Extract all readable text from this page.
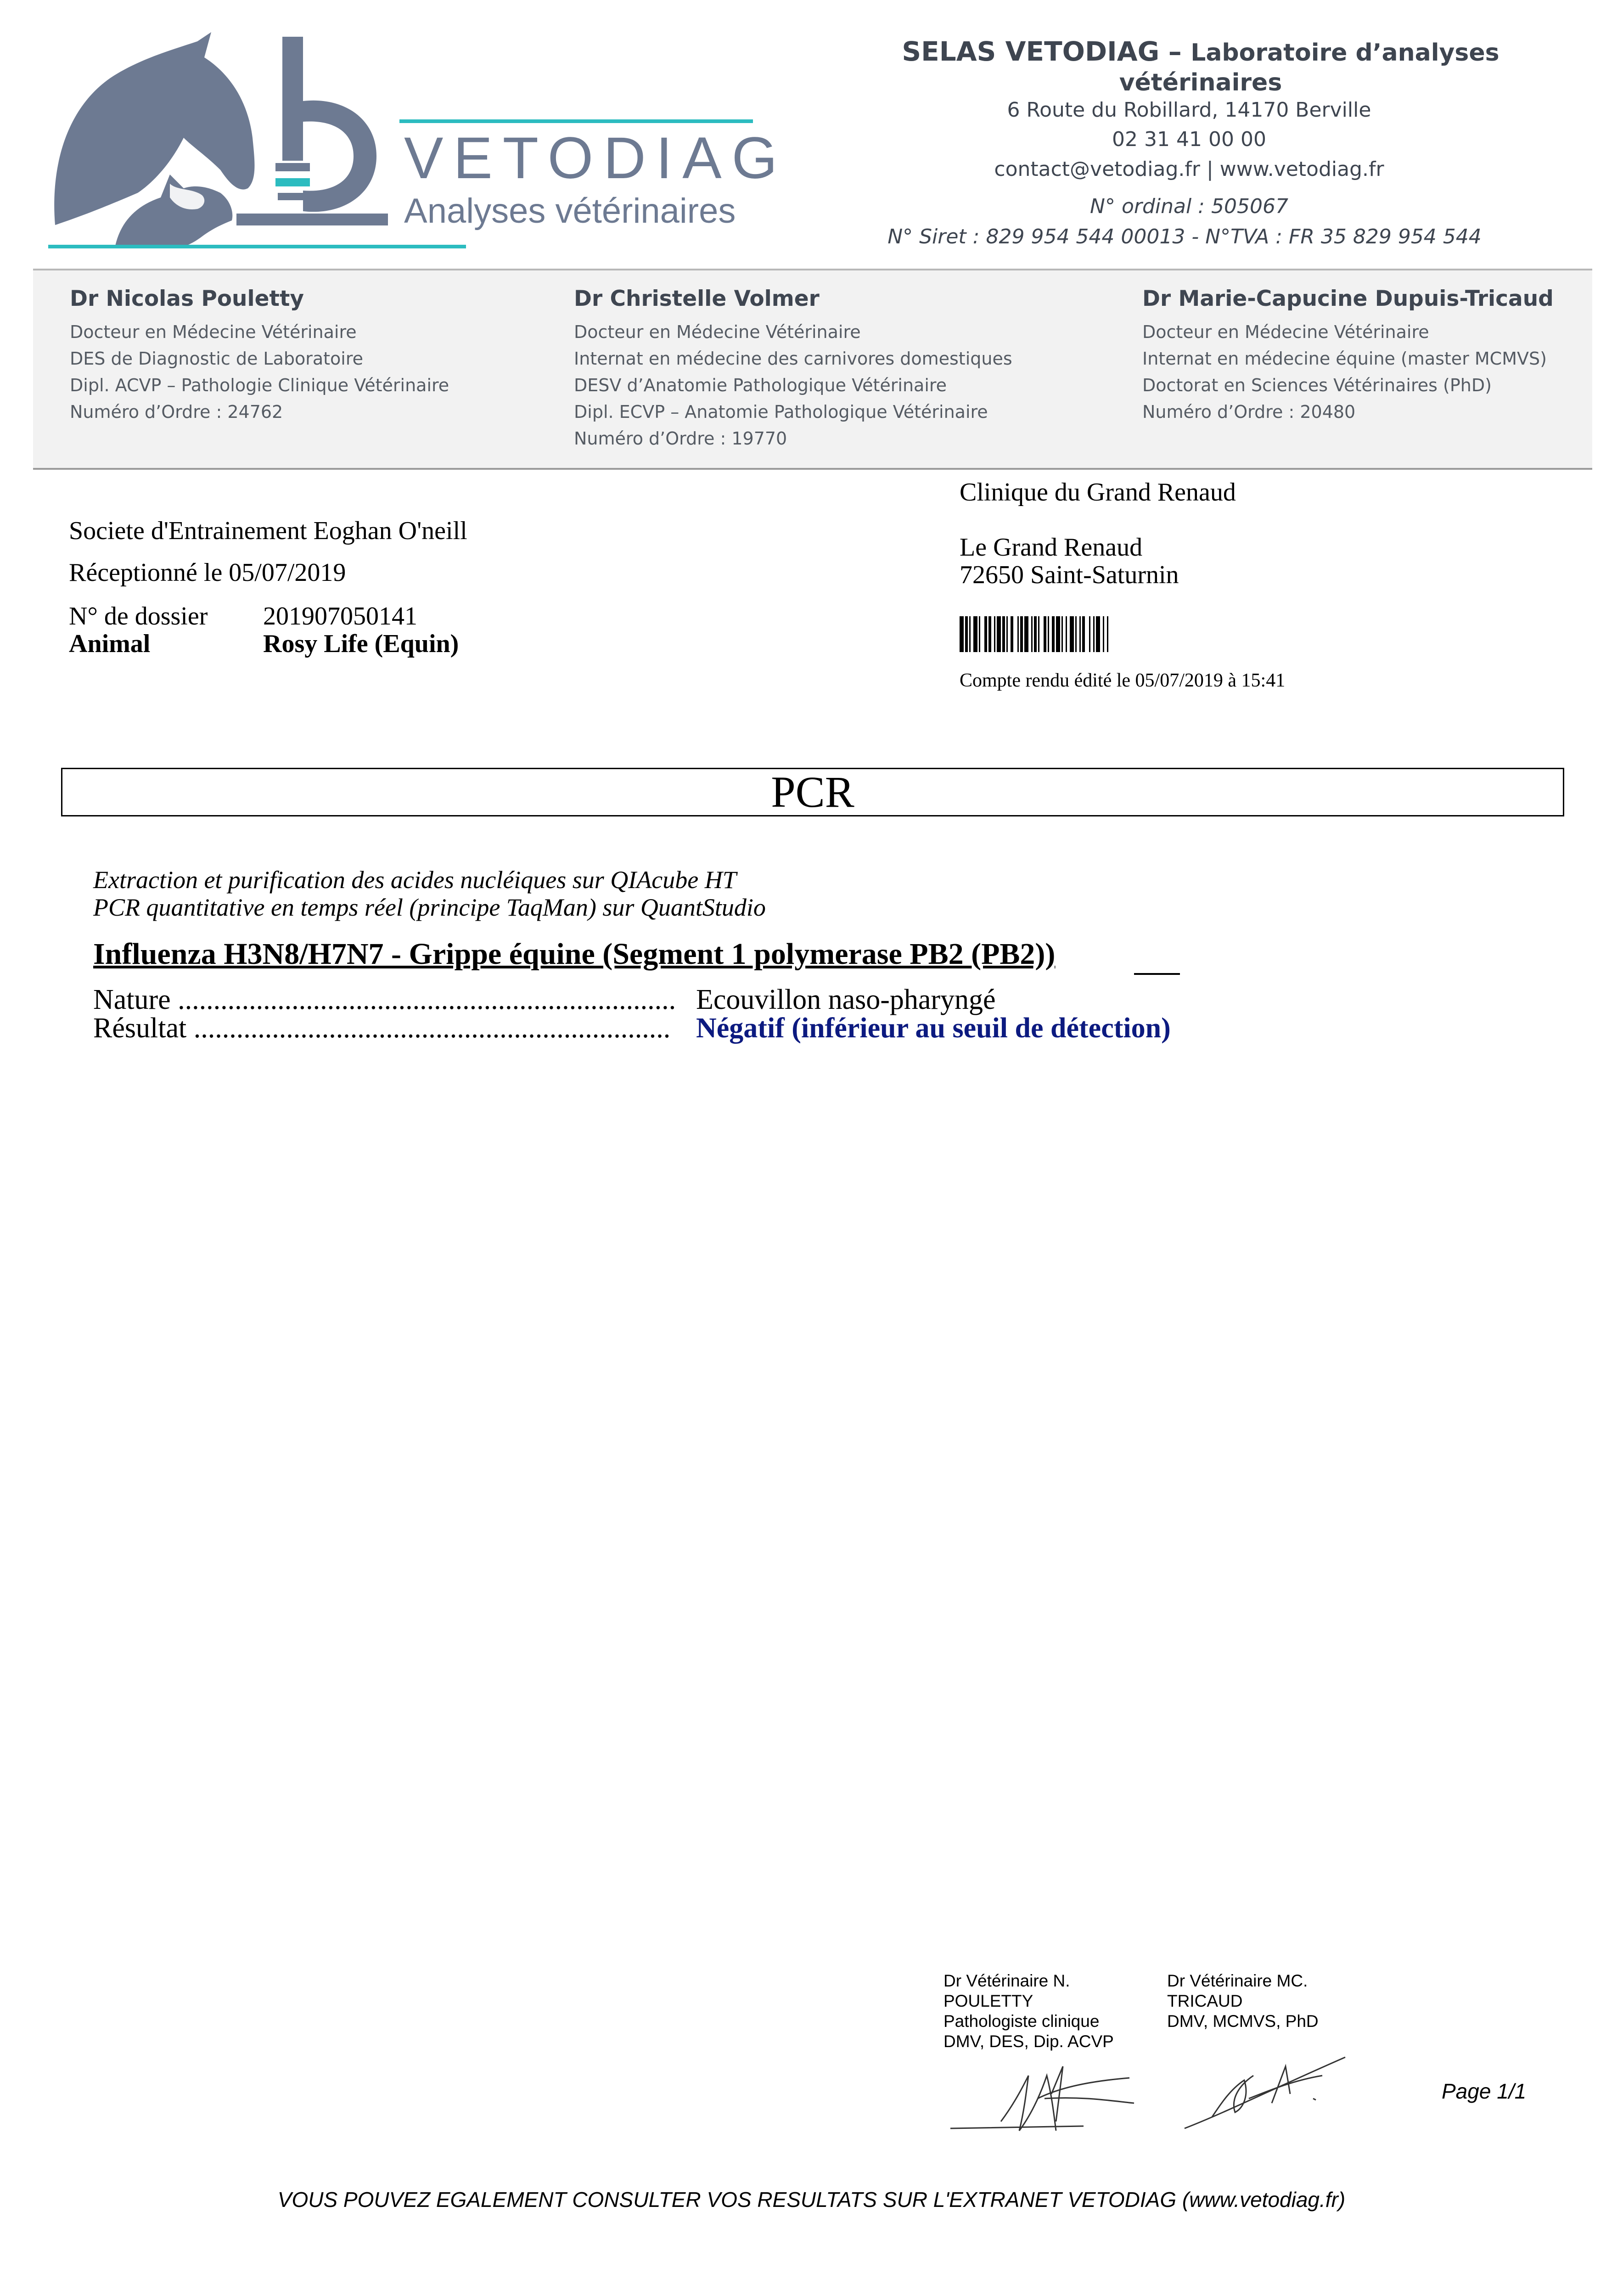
VETODIAG
Analyses vétérinaires
SELAS VETODIAG – Laboratoire d’analyses vétérinaires
6 Route du Robillard, 14170 Berville
02 31 41 00 00
contact@vetodiag.fr | www.vetodiag.fr
N° ordinal : 505067
N° Siret : 829 954 544 00013 - N°TVA : FR 35 829 954 544
Dr Nicolas Pouletty
Docteur en Médecine Vétérinaire
DES de Diagnostic de Laboratoire
Dipl. ACVP – Pathologie Clinique Vétérinaire
Numéro d’Ordre : 24762
Dr Christelle Volmer
Docteur en Médecine Vétérinaire
Internat en médecine des carnivores domestiques
DESV d’Anatomie Pathologique Vétérinaire
Dipl. ECVP – Anatomie Pathologique Vétérinaire
Numéro d’Ordre : 19770
Dr Marie-Capucine Dupuis-Tricaud
Docteur en Médecine Vétérinaire
Internat en médecine équine (master MCMVS)
Doctorat en Sciences Vétérinaires (PhD)
Numéro d’Ordre : 20480
Societe d'Entrainement Eoghan O'neill
Réceptionné le 05/07/2019
N° de dossier 201907050141
Animal	Rosy Life (Equin)
Clinique du Grand Renaud
Le Grand Renaud
72650 Saint-Saturnin
Compte rendu édité le 05/07/2019 à 15:41
PCR
Extraction et purification des acides nucléiques sur QIAcube HT
PCR quantitative en temps réel (principe TaqMan) sur QuantStudio
Influenza H3N8/H7N7 - Grippe équine (Segment 1 polymerase PB2 (PB2))
Nature ...................................................................... Ecouvillon naso-pharyngé
Résultat ................................................................... Négatif (inférieur au seuil de détection)
Dr Vétérinaire N.
POULETTY
Pathologiste clinique
DMV, DES, Dip. ACVP
Dr Vétérinaire MC.
TRICAUD
DMV, MCMVS, PhD
Page 1/1
VOUS POUVEZ EGALEMENT CONSULTER VOS RESULTATS SUR L'EXTRANET VETODIAG (www.vetodiag.fr)
